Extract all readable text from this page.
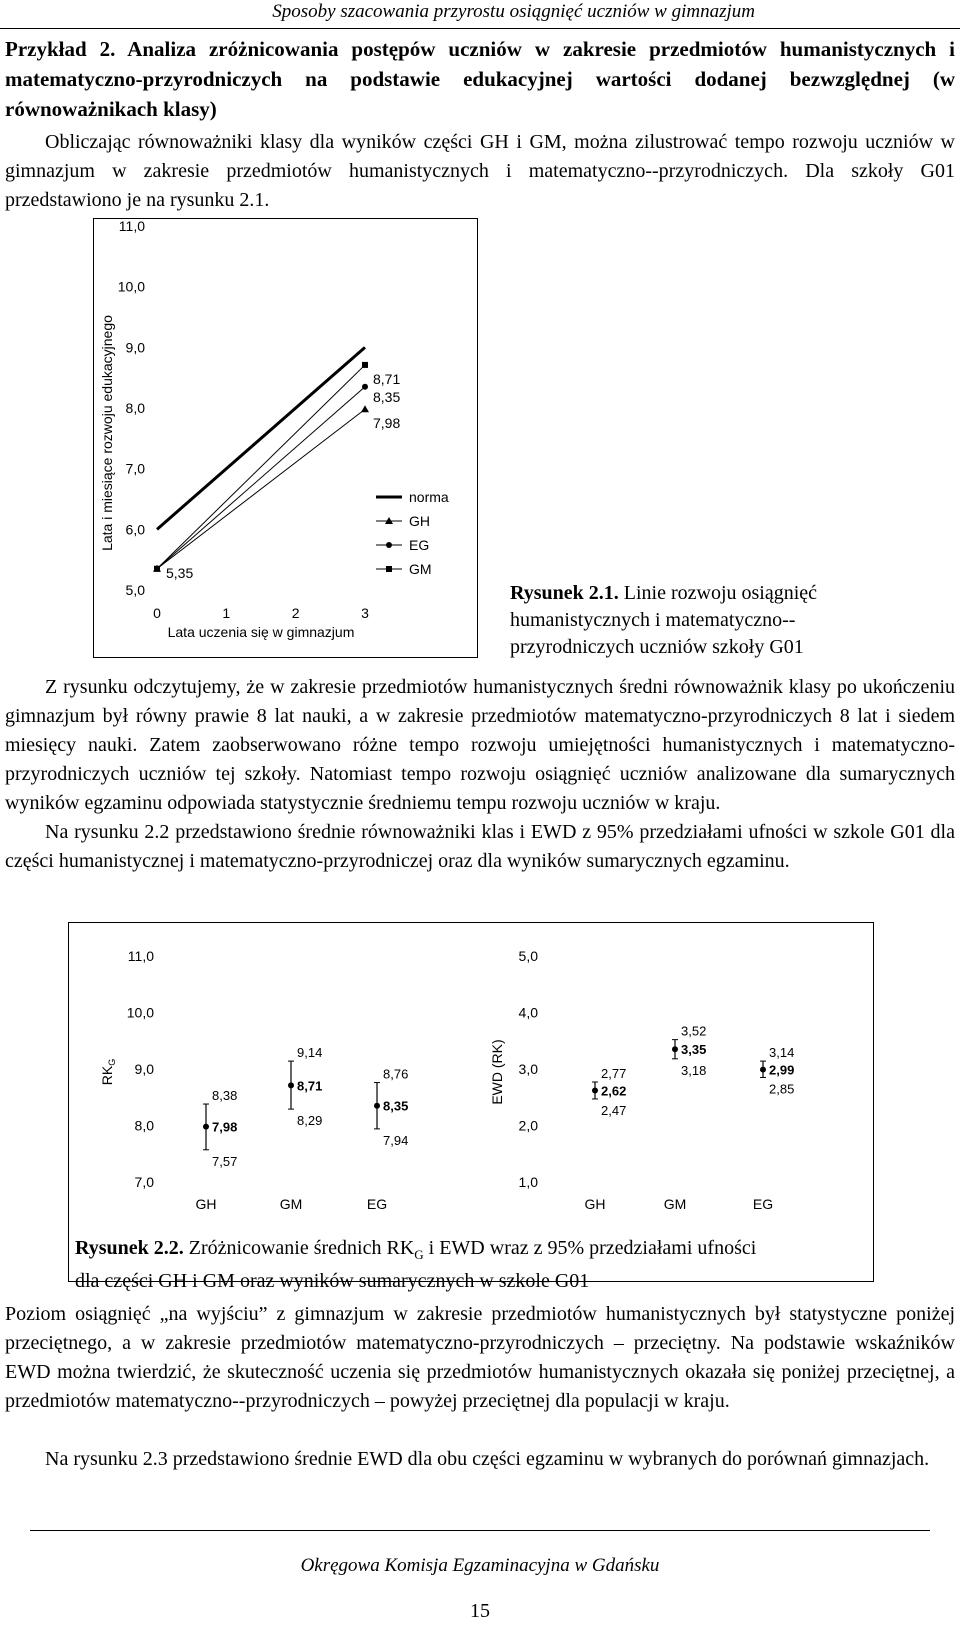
Sposoby szacowania przyrostu osiągnięć uczniów w gimnazjum

Przykład 2. Analiza zróżnicowania postępów uczniów w zakresie przedmiotów humanistycznych i matematyczno-przyrodniczych na podstawie edukacyjnej wartości dodanej bezwzględnej (w równoważnikach klasy)

Obliczając równoważniki klasy dla wyników części GH i GM, można zilustrować tempo rozwoju uczniów w gimnazjum w zakresie przedmiotów humanistycznych i matematyczno--przyrodniczych. Dla szkoły G01 przedstawiono je na rysunku 2.1.

Lata i miesiące rozwoju edukacyjnego
5,0
6,0
7,0
8,0
9,0
10,0
11,0
0	1	2	3
Lata uczenia się w gimnazjum
5,35
8,71
8,35
7,98
norma
GH
EG
GM
Rysunek 2.1. Linie rozwoju osiągnięć humanistycznych i matematyczno--przyrodniczych uczniów szkoły G01

Z rysunku odczytujemy, że w zakresie przedmiotów humanistycznych średni równoważnik klasy po ukończeniu gimnazjum był równy prawie 8 lat nauki, a w zakresie przedmiotów matematyczno-przyrodniczych 8 lat i siedem miesięcy nauki. Zatem zaobserwowano różne tempo rozwoju umiejętności humanistycznych i matematyczno-przyrodniczych uczniów tej szkoły. Natomiast tempo rozwoju osiągnięć uczniów analizowane dla sumarycznych wyników egzaminu odpowiada statystycznie średniemu tempu rozwoju uczniów w kraju.

Na rysunku 2.2 przedstawiono średnie równoważniki klas i EWD z 95% przedziałami ufności w szkole G01 dla części humanistycznej i matematyczno-przyrodniczej oraz dla wyników sumarycznych egzaminu.

$RK_G$	EWD (RK)
7,0
8,0
9,0
10,0
11,0
GH	GM	EG
8,38
7,98
7,57
9,14
8,71
8,29
8,76
8,35
7,94
1,0
2,0
3,0
4,0
5,0
GH	GM	EG
2,77
2,62
2,47
3,52
3,35
3,18
3,14
2,99
2,85
Rysunek 2.2. Zróżnicowanie średnich $RK_G$ i EWD wraz z 95% przedziałami ufności
dla części GH i GM oraz wyników sumarycznych w szkole G01

Poziom osiągnięć „na wyjściu” z gimnazjum w zakresie przedmiotów humanistycznych był statystyczne poniżej przeciętnego, a w zakresie przedmiotów matematyczno-przyrodniczych – przeciętny. Na podstawie wskaźników EWD można twierdzić, że skuteczność uczenia się przedmiotów humanistycznych okazała się poniżej przeciętnej, a przedmiotów matematyczno--przyrodniczych – powyżej przeciętnej dla populacji w kraju.

Na rysunku 2.3 przedstawiono średnie EWD dla obu części egzaminu w wybranych do porównań gimnazjach.

Okręgowa Komisja Egzaminacyjna w Gdańsku
15
